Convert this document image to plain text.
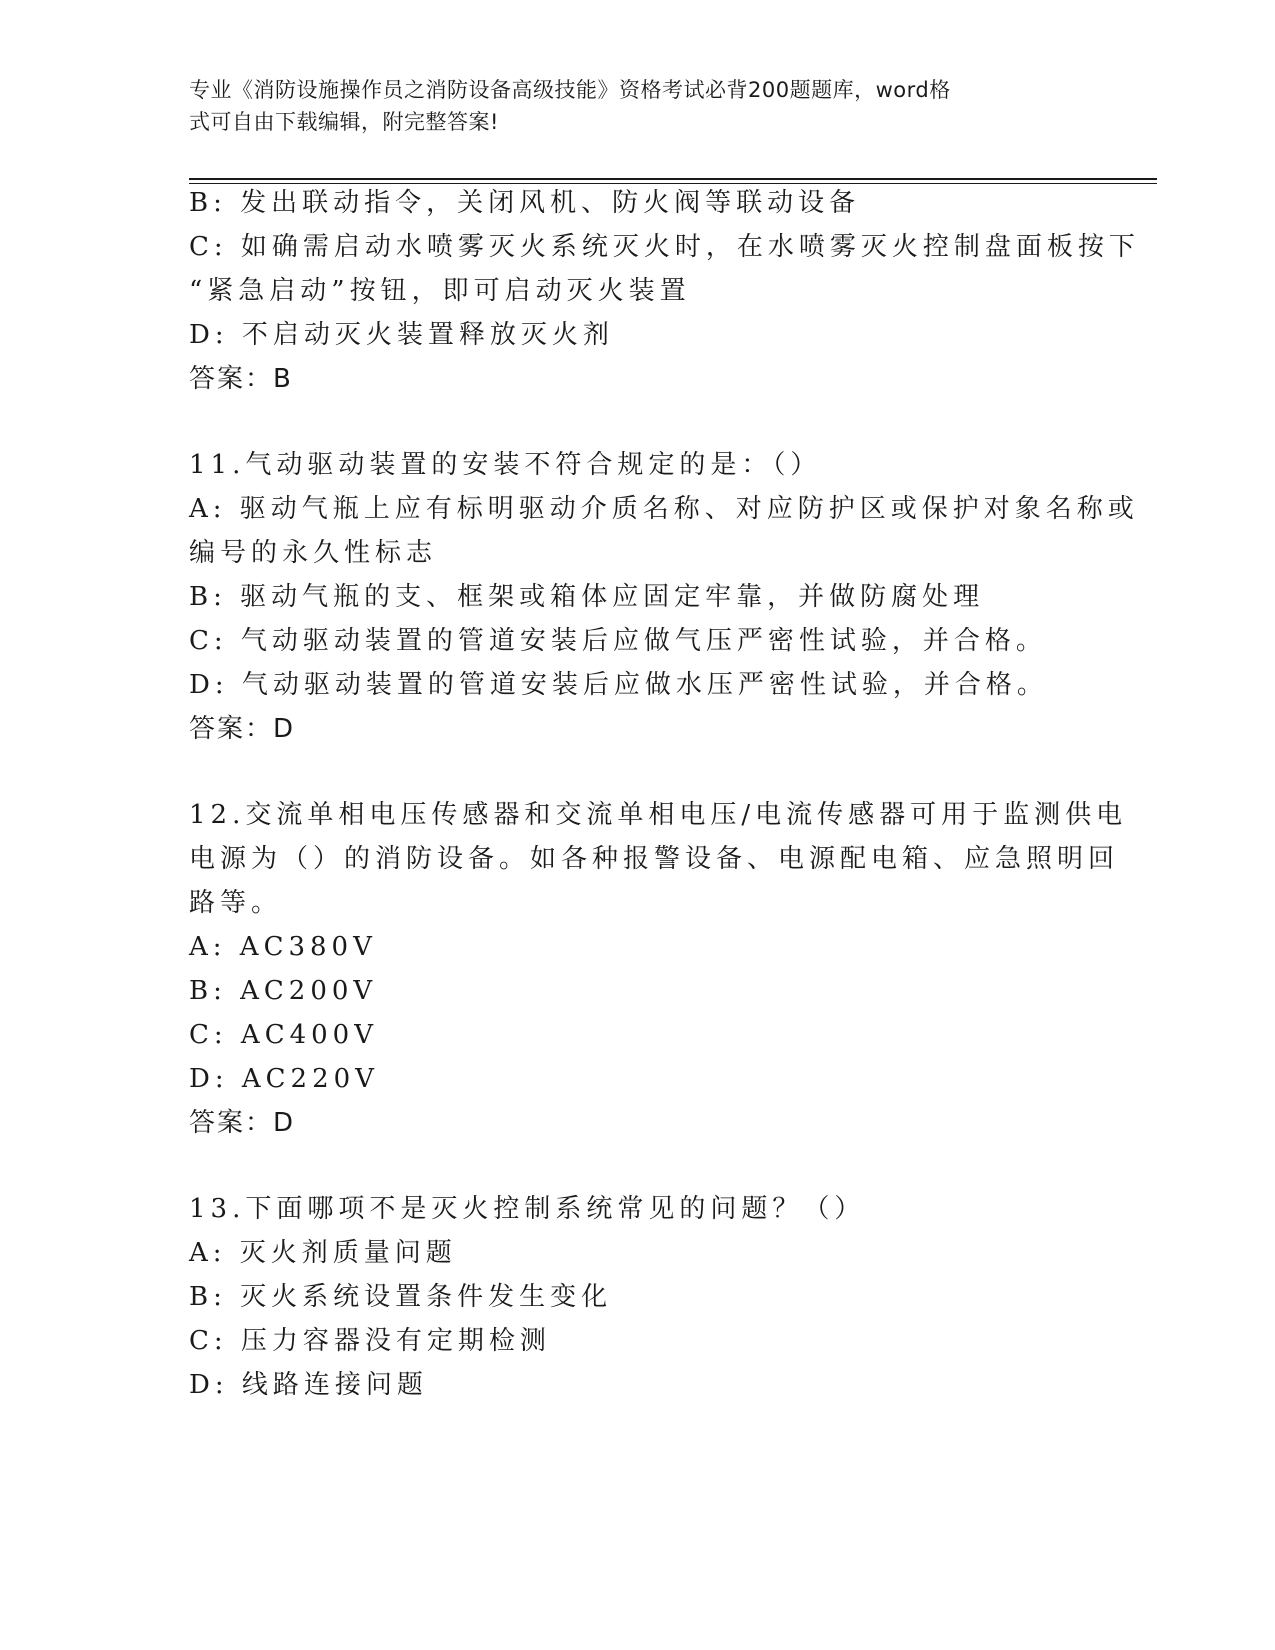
专业《消防设施操作员之消防设备高级技能》资格考试必背200题题库，word格
式可自由下载编辑，附完整答案!
B: 发出联动指令，关闭风机、防火阀等联动设备
C: 如确需启动水喷雾灭火系统灭火时，在水喷雾灭火控制盘面板按下
“紧急启动”按钮，即可启动灭火装置
D: 不启动灭火装置释放灭火剂
答案：B
11.气动驱动装置的安装不符合规定的是：（）
A: 驱动气瓶上应有标明驱动介质名称、对应防护区或保护对象名称或
编号的永久性标志
B: 驱动气瓶的支、框架或箱体应固定牢靠，并做防腐处理
C: 气动驱动装置的管道安装后应做气压严密性试验，并合格。
D: 气动驱动装置的管道安装后应做水压严密性试验，并合格。
答案：D
12.交流单相电压传感器和交流单相电压/电流传感器可用于监测供电
电源为（）的消防设备。如各种报警设备、电源配电箱、应急照明回
路等。
A: AC380V
B: AC200V
C: AC400V
D: AC220V
答案：D
13.下面哪项不是灭火控制系统常见的问题？（）
A: 灭火剂质量问题
B: 灭火系统设置条件发生变化
C: 压力容器没有定期检测
D: 线路连接问题
